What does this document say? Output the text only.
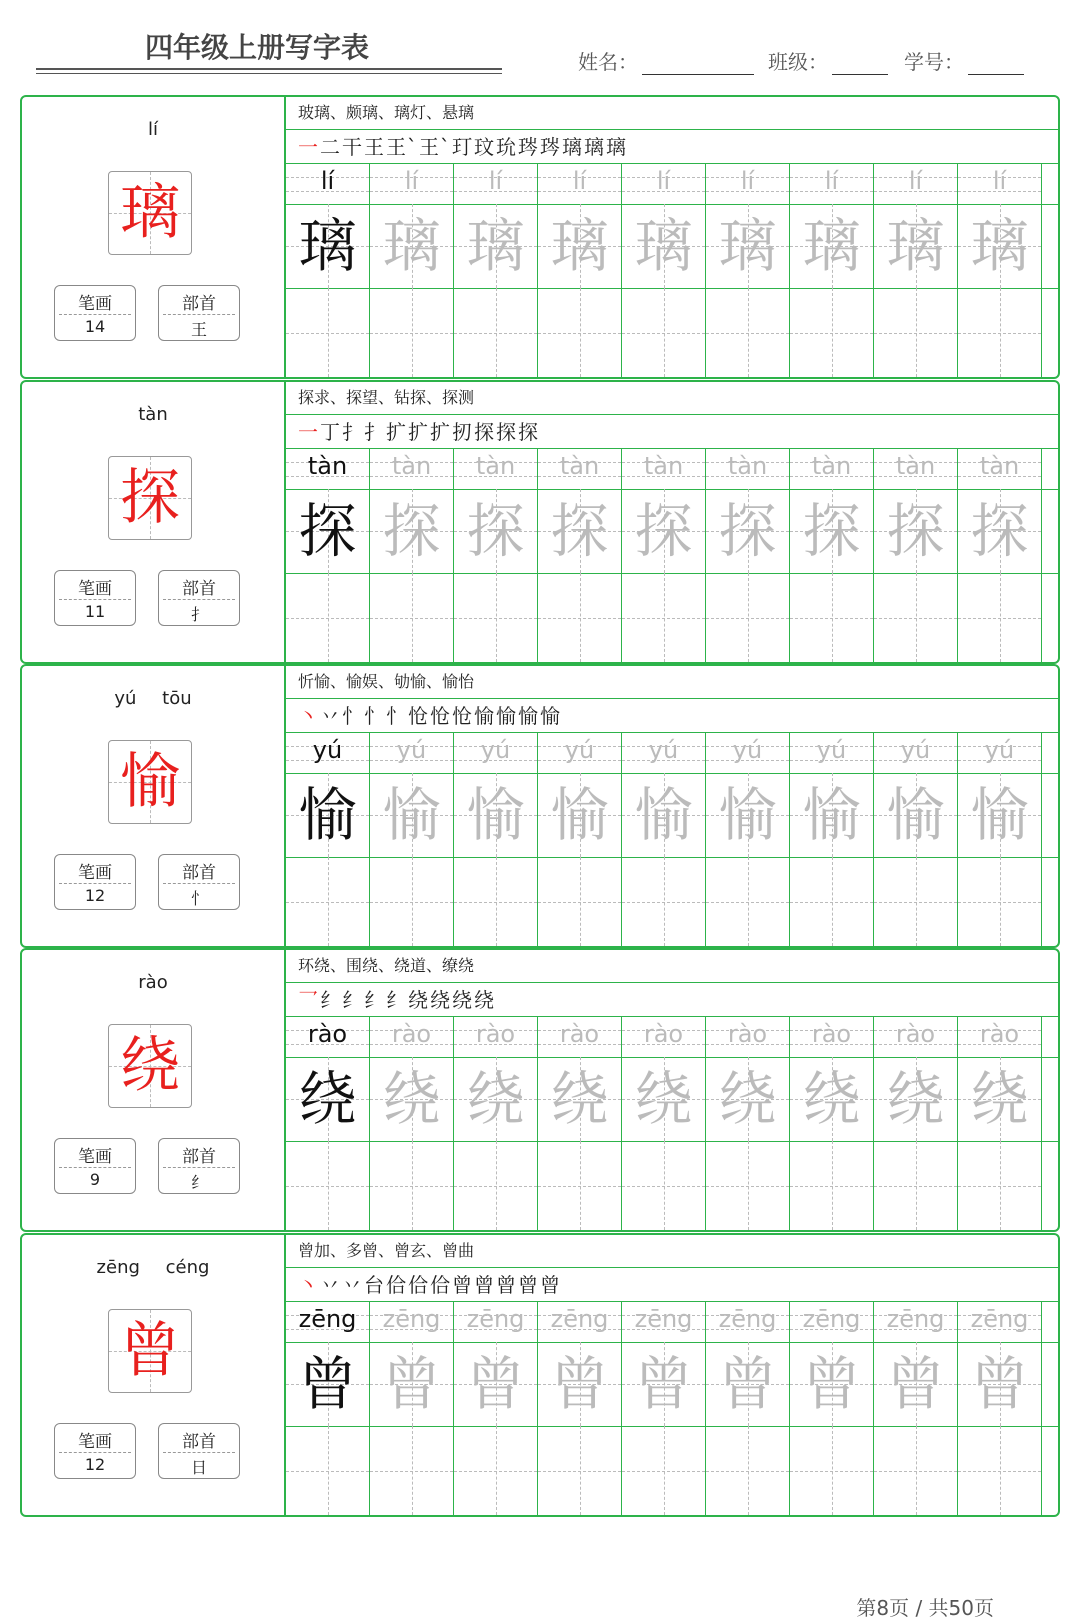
四年级上册写字表	姓名：	班级：	学号：
lí
璃
笔画
14
部首
王
玻璃、颇璃、璃灯、悬璃
一二干王王`王`玎玟玧琌琌璃璃璃
lí	lí	lí	lí	lí	lí	lí	lí	lí
璃 璃 璃 璃 璃 璃 璃 璃 璃
tàn
探
笔画
11
部首
扌
探求、探望、钻探、探测
一丁扌扌扩扩扩扨探探探
tàn	tàn	tàn	tàn	tàn	tàn	tàn	tàn	tàn
探 探 探 探 探 探 探 探 探
yú tōu
愉
笔画
12
部首
忄
忻愉、愉娱、劬愉、愉怡
丶丷忄忄忄怆怆怆愉愉愉愉
yú	yú	yú	yú	yú	yú	yú	yú	yú
愉 愉 愉 愉 愉 愉 愉 愉 愉
rào
绕
笔画
9
部首
纟
环绕、围绕、绕道、缭绕
乛纟纟纟纟绕绕绕绕
rào	rào	rào	rào	rào	rào	rào	rào	rào
绕 绕 绕 绕 绕 绕 绕 绕 绕
zēng céng
曾
笔画
12
部首
日
曾加、多曾、曾玄、曾曲
丶丷丷台佮佮佮曾曾曾曾曾
zēng	zēng	zēng	zēng	zēng	zēng	zēng	zēng	zēng
曾 曾 曾 曾 曾 曾 曾 曾 曾
第8页 / 共50页
